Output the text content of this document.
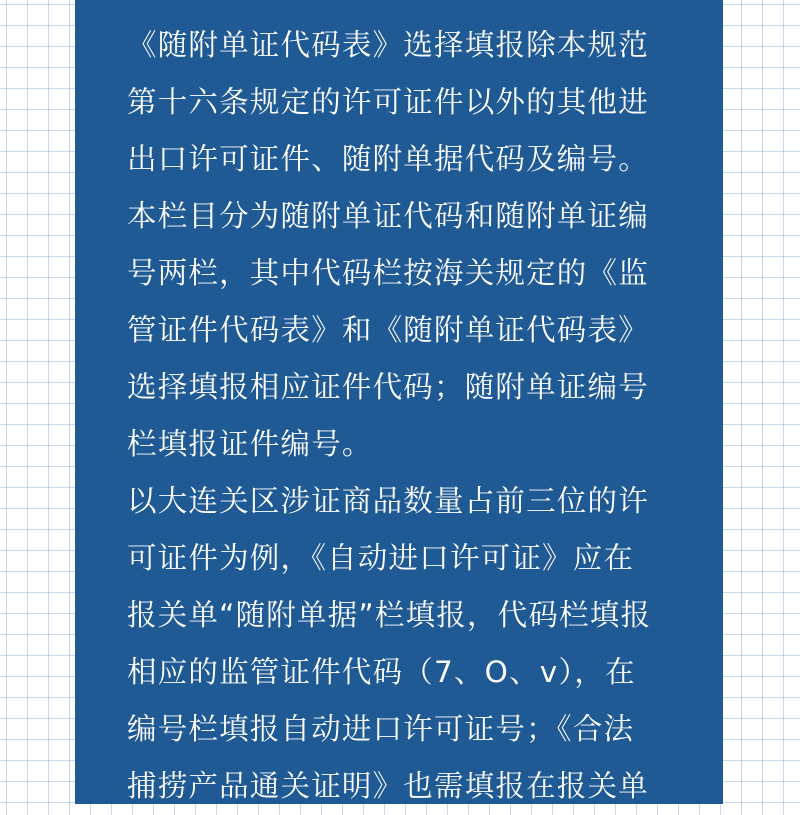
《随附单证代码表》选择填报除本规范
第十六条规定的许可证件以外的其他进
出口许可证件、随附单据代码及编号。
本栏目分为随附单证代码和随附单证编
号两栏，其中代码栏按海关规定的《监
管证件代码表》和《随附单证代码表》
选择填报相应证件代码；随附单证编号
栏填报证件编号。
以大连关区涉证商品数量占前三位的许
可证件为例，《自动进口许可证》应在
报关单“随附单据”栏填报，代码栏填报
相应的监管证件代码（7、O、v），在
编号栏填报自动进口许可证号；《合法
捕捞产品通关证明》也需填报在报关单
